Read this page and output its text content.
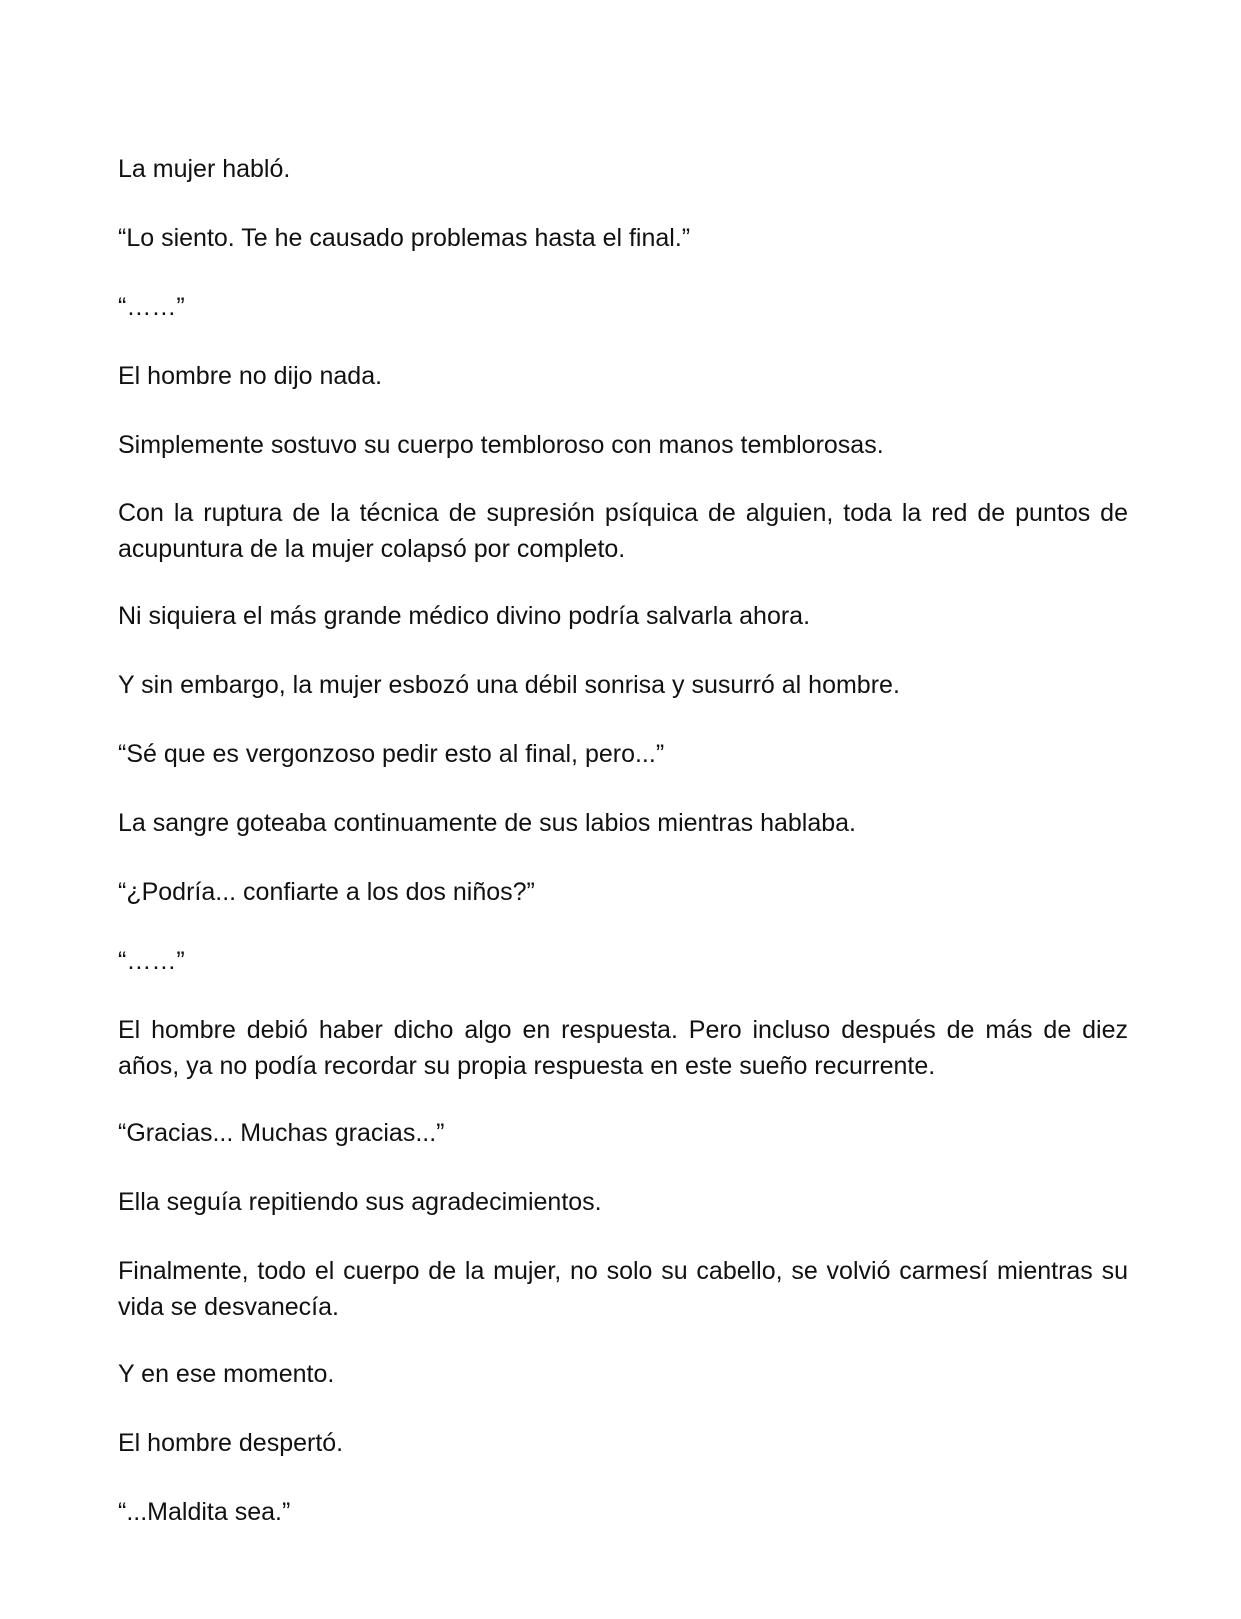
La mujer habló.

“Lo siento. Te he causado problemas hasta el final.”

“……”

El hombre no dijo nada.

Simplemente sostuvo su cuerpo tembloroso con manos temblorosas.

Con la ruptura de la técnica de supresión psíquica de alguien, toda la red de puntos de acupuntura de la mujer colapsó por completo.

Ni siquiera el más grande médico divino podría salvarla ahora.

Y sin embargo, la mujer esbozó una débil sonrisa y susurró al hombre.

“Sé que es vergonzoso pedir esto al final, pero...”

La sangre goteaba continuamente de sus labios mientras hablaba.

“¿Podría... confiarte a los dos niños?”

“……”

El hombre debió haber dicho algo en respuesta. Pero incluso después de más de diez años, ya no podía recordar su propia respuesta en este sueño recurrente.

“Gracias... Muchas gracias...”

Ella seguía repitiendo sus agradecimientos.

Finalmente, todo el cuerpo de la mujer, no solo su cabello, se volvió carmesí mientras su vida se desvanecía.

Y en ese momento.

El hombre despertó.

“...Maldita sea.”
